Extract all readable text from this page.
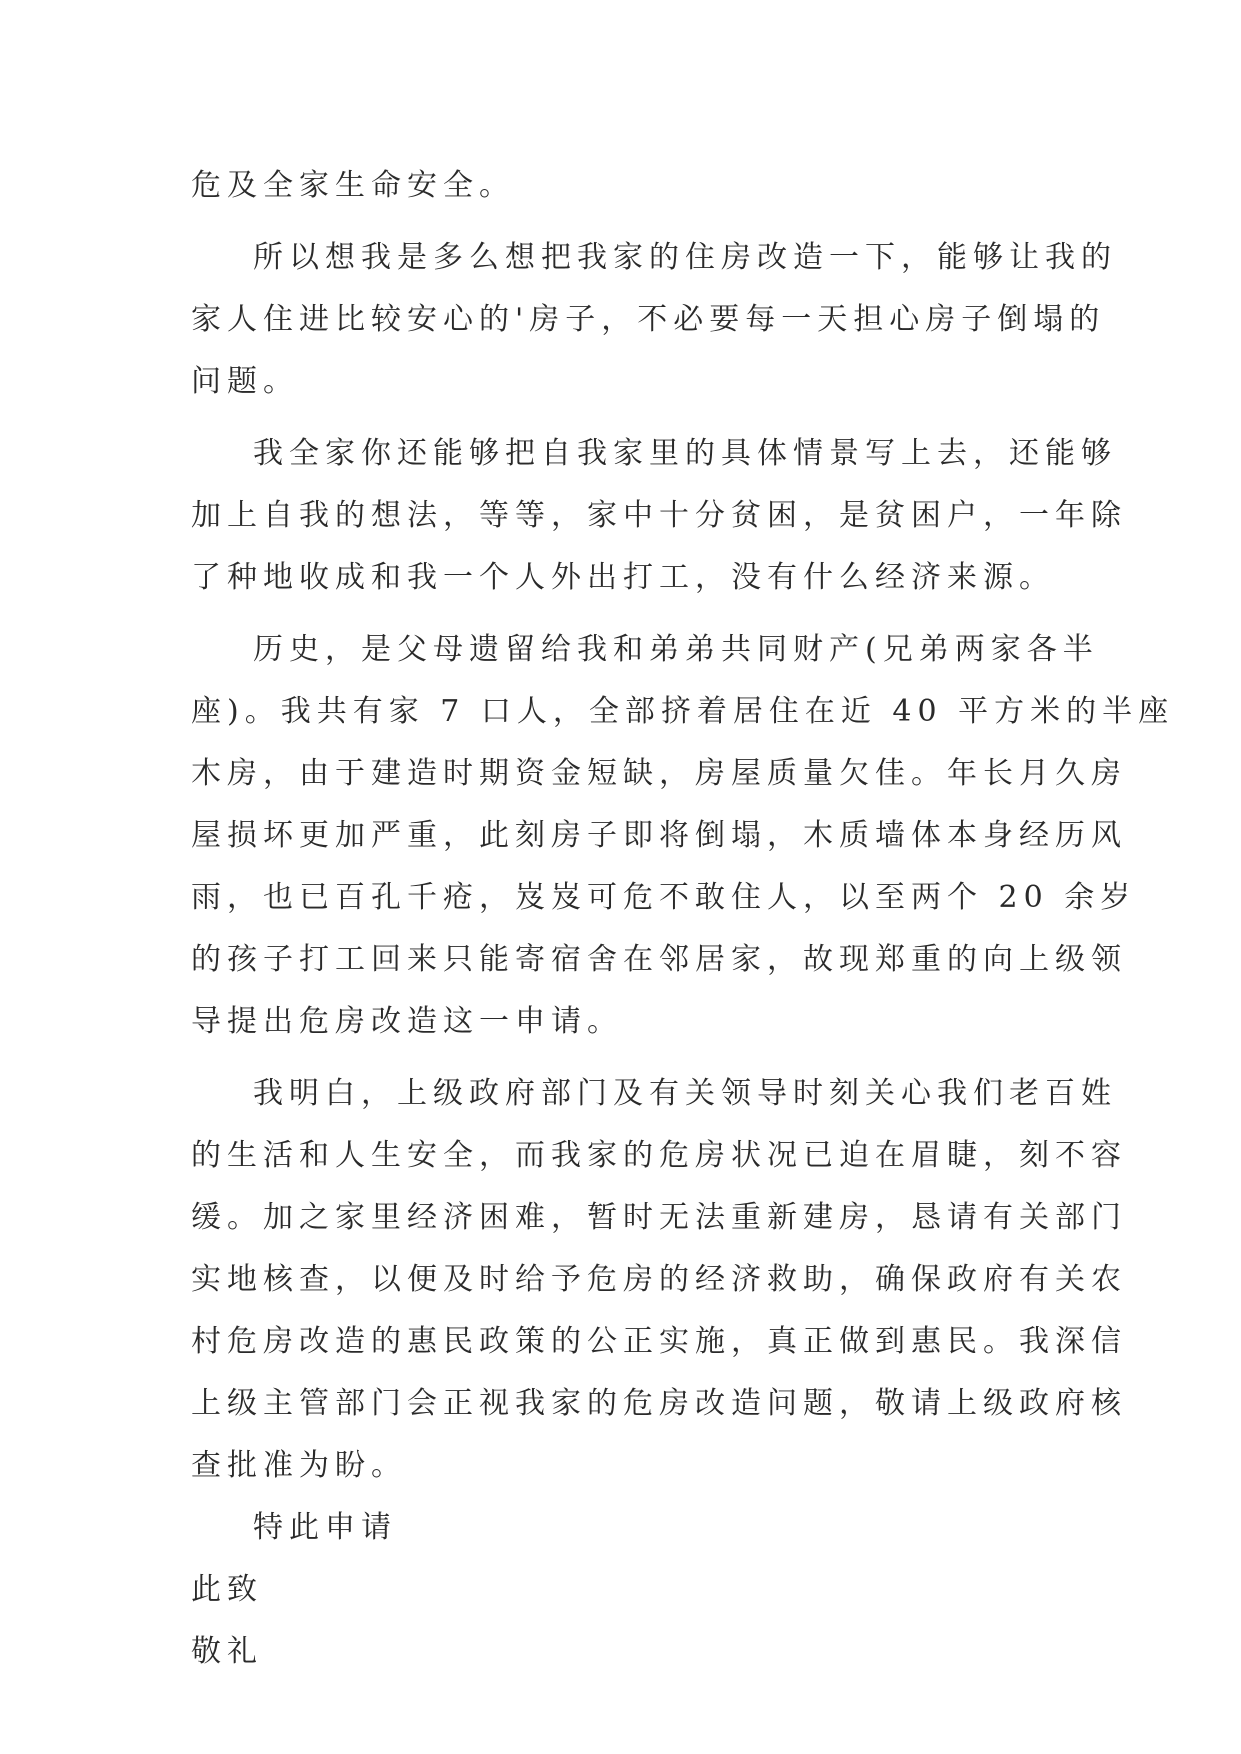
危及全家生命安全。
所以想我是多么想把我家的住房改造一下，能够让我的
家人住进比较安心的'房子，不必要每一天担心房子倒塌的
问题。
我全家你还能够把自我家里的具体情景写上去，还能够
加上自我的想法，等等，家中十分贫困，是贫困户，一年除
了种地收成和我一个人外出打工，没有什么经济来源。
历史，是父母遗留给我和弟弟共同财产(兄弟两家各半
座)。我共有家 7 口人，全部挤着居住在近 40 平方米的半座
木房，由于建造时期资金短缺，房屋质量欠佳。年长月久房
屋损坏更加严重，此刻房子即将倒塌，木质墙体本身经历风
雨，也已百孔千疮，岌岌可危不敢住人，以至两个 20 余岁
的孩子打工回来只能寄宿舍在邻居家，故现郑重的向上级领
导提出危房改造这一申请。
我明白，上级政府部门及有关领导时刻关心我们老百姓
的生活和人生安全，而我家的危房状况已迫在眉睫，刻不容
缓。加之家里经济困难，暂时无法重新建房，恳请有关部门
实地核查，以便及时给予危房的经济救助，确保政府有关农
村危房改造的惠民政策的公正实施，真正做到惠民。我深信
上级主管部门会正视我家的危房改造问题，敬请上级政府核
查批准为盼。
特此申请
此致
敬礼
